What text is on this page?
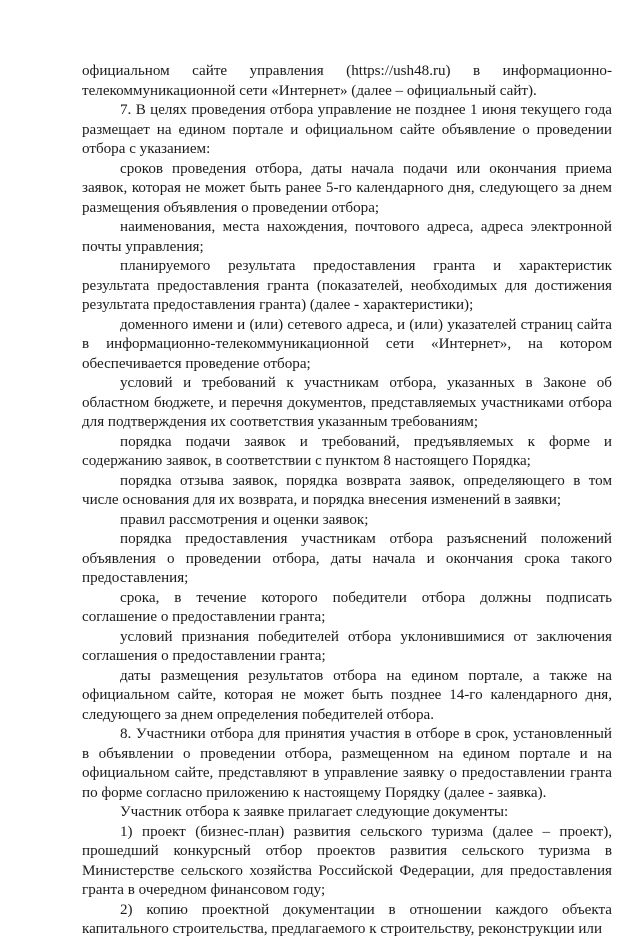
официальном сайте управления (https://ush48.ru) в информационно-телекоммуникационной сети «Интернет» (далее – официальный сайт).

7. В целях проведения отбора управление не позднее 1 июня текущего года размещает на едином портале и официальном сайте объявление о проведении отбора с указанием:

сроков проведения отбора, даты начала подачи или окончания приема заявок, которая не может быть ранее 5-го календарного дня, следующего за днем размещения объявления о проведении отбора;

наименования, места нахождения, почтового адреса, адреса электронной почты управления;

планируемого результата предоставления гранта и характеристик результата предоставления гранта (показателей, необходимых для достижения результата предоставления гранта) (далее - характеристики);

доменного имени и (или) сетевого адреса, и (или) указателей страниц сайта в информационно-телекоммуникационной сети «Интернет», на котором обеспечивается проведение отбора;

условий и требований к участникам отбора, указанных в Законе об областном бюджете, и перечня документов, представляемых участниками отбора для подтверждения их соответствия указанным требованиям;

порядка подачи заявок и требований, предъявляемых к форме и содержанию заявок, в соответствии с пунктом 8 настоящего Порядка;

порядка отзыва заявок, порядка возврата заявок, определяющего в том числе основания для их возврата, и порядка внесения изменений в заявки;

правил рассмотрения и оценки заявок;

порядка предоставления участникам отбора разъяснений положений объявления о проведении отбора, даты начала и окончания срока такого предоставления;

срока, в течение которого победители отбора должны подписать соглашение о предоставлении гранта;

условий признания победителей отбора уклонившимися от заключения соглашения о предоставлении гранта;

даты размещения результатов отбора на едином портале, а также на официальном сайте, которая не может быть позднее 14-го календарного дня, следующего за днем определения победителей отбора.

8. Участники отбора для принятия участия в отборе в срок, установленный в объявлении о проведении отбора, размещенном на едином портале и на официальном сайте, представляют в управление заявку о предоставлении гранта по форме согласно приложению к настоящему Порядку (далее - заявка).

Участник отбора к заявке прилагает следующие документы:

1) проект (бизнес-план) развития сельского туризма (далее – проект), прошедший конкурсный отбор проектов развития сельского туризма в Министерстве сельского хозяйства Российской Федерации, для предоставления гранта в очередном финансовом году;

2) копию проектной документации в отношении каждого объекта капитального строительства, предлагаемого к строительству, реконструкции или
